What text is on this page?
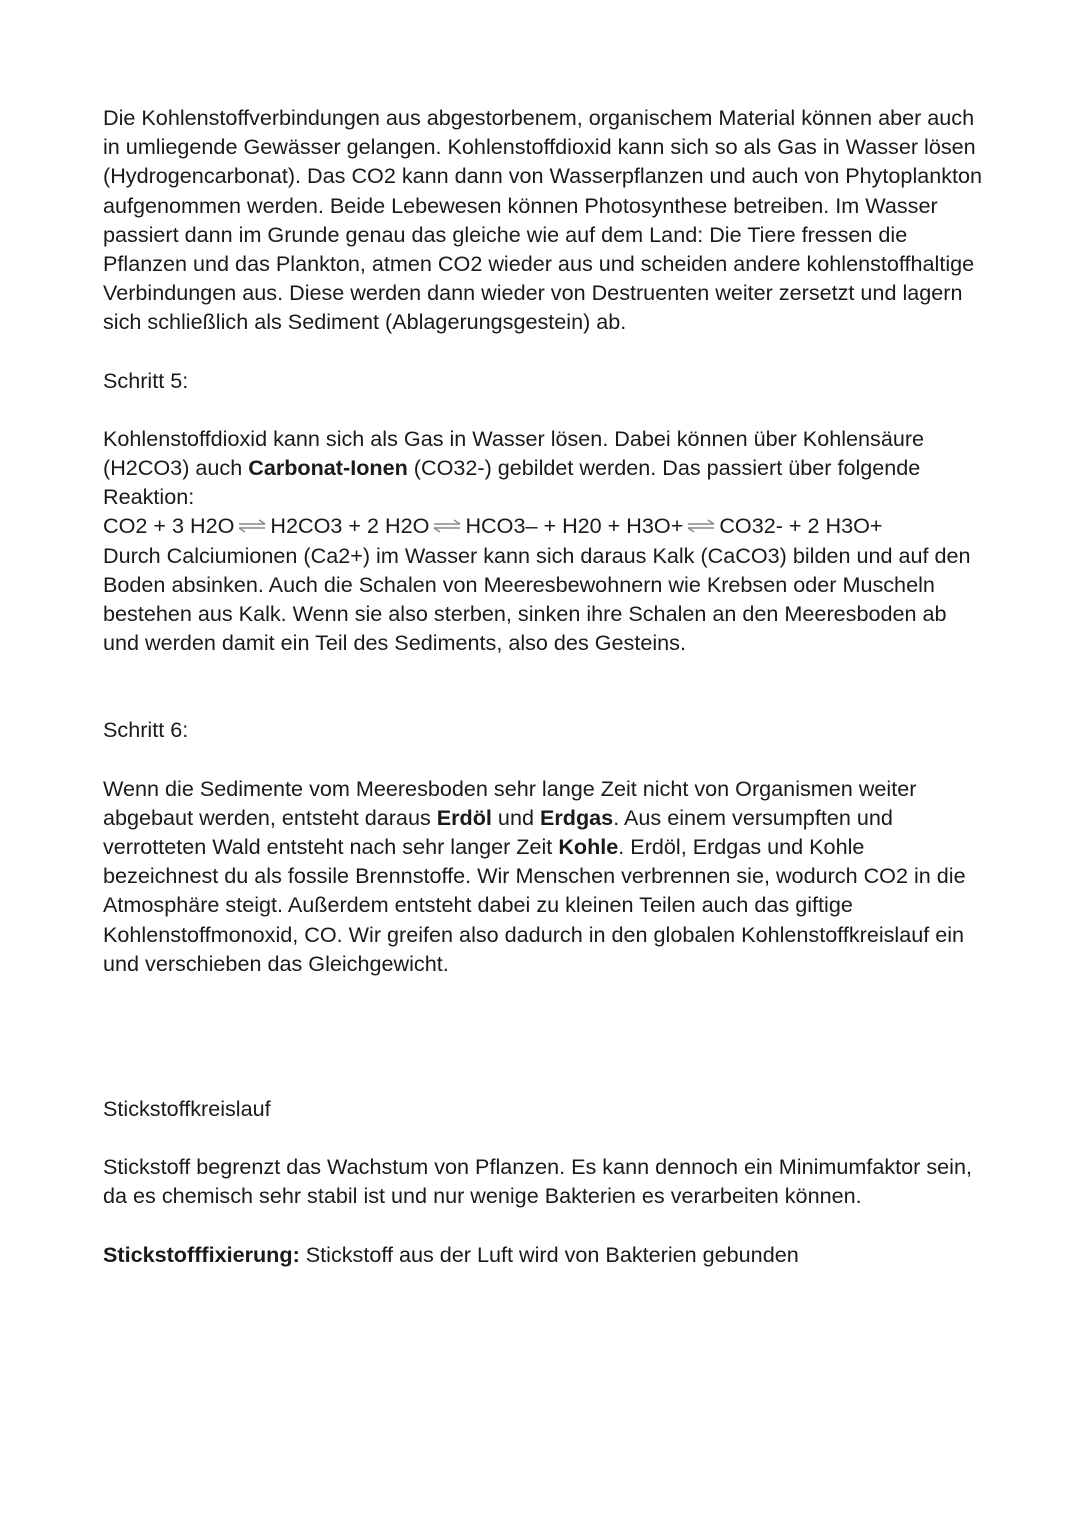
Die Kohlenstoffverbindungen aus abgestorbenem, organischem Material können aber auch in umliegende Gewässer gelangen. Kohlenstoffdioxid kann sich so als Gas in Wasser lösen (Hydrogencarbonat). Das CO2 kann dann von Wasserpflanzen und auch von Phytoplankton aufgenommen werden. Beide Lebewesen können Photosynthese betreiben. Im Wasser passiert dann im Grunde genau das gleiche wie auf dem Land: Die Tiere fressen die Pflanzen und das Plankton, atmen CO2 wieder aus und scheiden andere kohlenstoffhaltige Verbindungen aus. Diese werden dann wieder von Destruenten weiter zersetzt und lagern sich schließlich als Sediment (Ablagerungsgestein) ab.

Schritt 5:

Kohlenstoffdioxid kann sich als Gas in Wasser lösen. Dabei können über Kohlensäure (H2CO3) auch Carbonat-Ionen (CO32-) gebildet werden. Das passiert über folgende Reaktion:

CO2 + 3 H2O ⇌ H2CO3 + 2 H2O ⇌ HCO3– + H20 + H3O+ ⇌ CO32- + 2 H3O+

Durch Calciumionen (Ca2+) im Wasser kann sich daraus Kalk (CaCO3) bilden und auf den Boden absinken. Auch die Schalen von Meeresbewohnern wie Krebsen oder Muscheln bestehen aus Kalk. Wenn sie also sterben, sinken ihre Schalen an den Meeresboden ab und werden damit ein Teil des Sediments, also des Gesteins.

Schritt 6:

Wenn die Sedimente vom Meeresboden sehr lange Zeit nicht von Organismen weiter abgebaut werden, entsteht daraus Erdöl und Erdgas. Aus einem versumpften und verrotteten Wald entsteht nach sehr langer Zeit Kohle. Erdöl, Erdgas und Kohle bezeichnest du als fossile Brennstoffe. Wir Menschen verbrennen sie, wodurch CO2 in die Atmosphäre steigt. Außerdem entsteht dabei zu kleinen Teilen auch das giftige Kohlenstoffmonoxid, CO. Wir greifen also dadurch in den globalen Kohlenstoffkreislauf ein und verschieben das Gleichgewicht.

Stickstoffkreislauf

Stickstoff begrenzt das Wachstum von Pflanzen. Es kann dennoch ein Minimumfaktor sein, da es chemisch sehr stabil ist und nur wenige Bakterien es verarbeiten können.

Stickstofffixierung: Stickstoff aus der Luft wird von Bakterien gebunden
